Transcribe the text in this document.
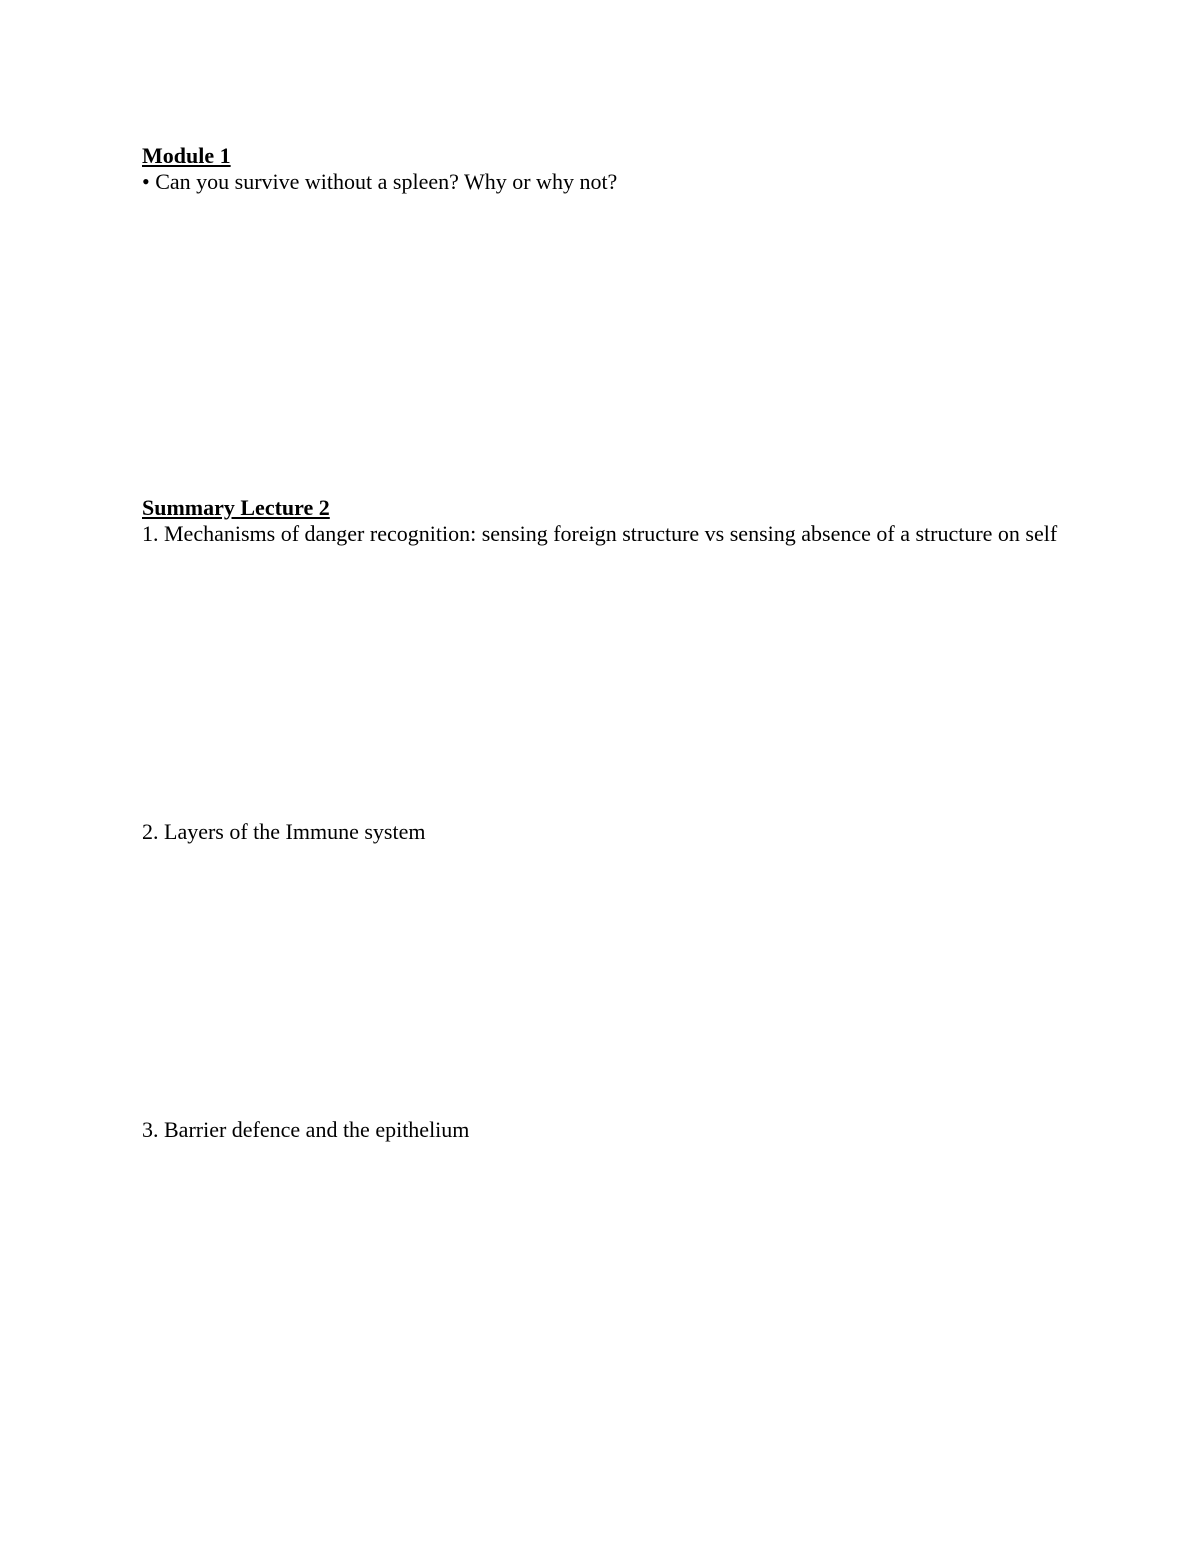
Module 1

• Can you survive without a spleen? Why or why not?

Summary Lecture 2

1. Mechanisms of danger recognition: sensing foreign structure vs sensing absence of a structure on self

2. Layers of the Immune system

3. Barrier defence and the epithelium
